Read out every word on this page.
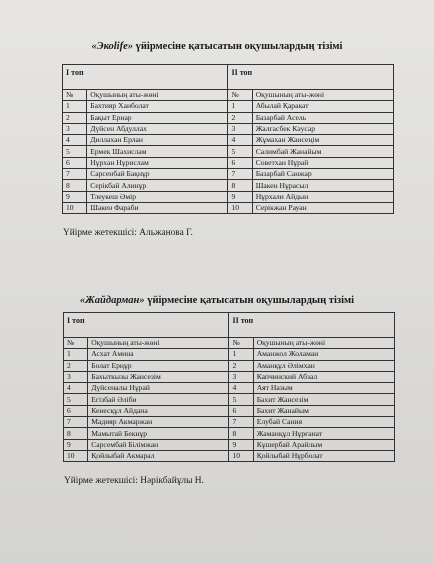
«Экоlife» үйірмесіне қатысатын оқушылардың тізімі
I топ		II топ	
№	Оқушының аты-жөні	№	Оқушының аты-жөні
1	Бахтияр Ханболат	1	Абылай Қаракат
2	Бақыт Ернар	2	Базарбай Асель
3	Дүйсен Абдуллах	3	Жалғасбек Кәусар
4	Диллахан Ерлан	4	Жұмахан Жансеңім
5	Ермек Шахислам	5	Салимбай Жанайым
6	Нұрхан Нұрислам	6	Советхан Нұрай
7	Сарсенбай Бақнұр	7	Базарбай Санжар
8	Серікбай Алинұр	8	Шакен Нұрасыл
9	Тлеукеш Әмір	9	Нұрхали Айдын
10	Шакен Фараби	10	Серікжан Рауан
Үйірме жетекшісі: Альжанова Г.
«Жайдарман» үйірмесіне қатысатын оқушылардың тізімі
I топ		II топ	
№	Оқушының аты-жөні	№	Оқушының аты-жөні
1	Асхат Амина	1	Аманжол Жоламан
2	Болат Ерңұр	2	Аманқұл Әлімхан
3	Бахыткызы Жансезім	3	Капчинский Абзал
4	Дүйсеналы Нұрай	4	Аят Назым
5	Егізбай Әліби	5	Бахит Жансезім
6	Кенесқұл Айдана	6	Бахит Жанайым
7	Мадияр Акмаржан	7	Елубай Сания
8	Мамытай Бекнұр	8	Жаманқұл Нұрғанат
9	Сарсембай Білімжан	9	Кұшербай Арайлым
10	Қойлыбай Акмарал	10	Қойлыбай Нұрболат
Үйірме жетекшісі: Нәрікбайұлы Н.
